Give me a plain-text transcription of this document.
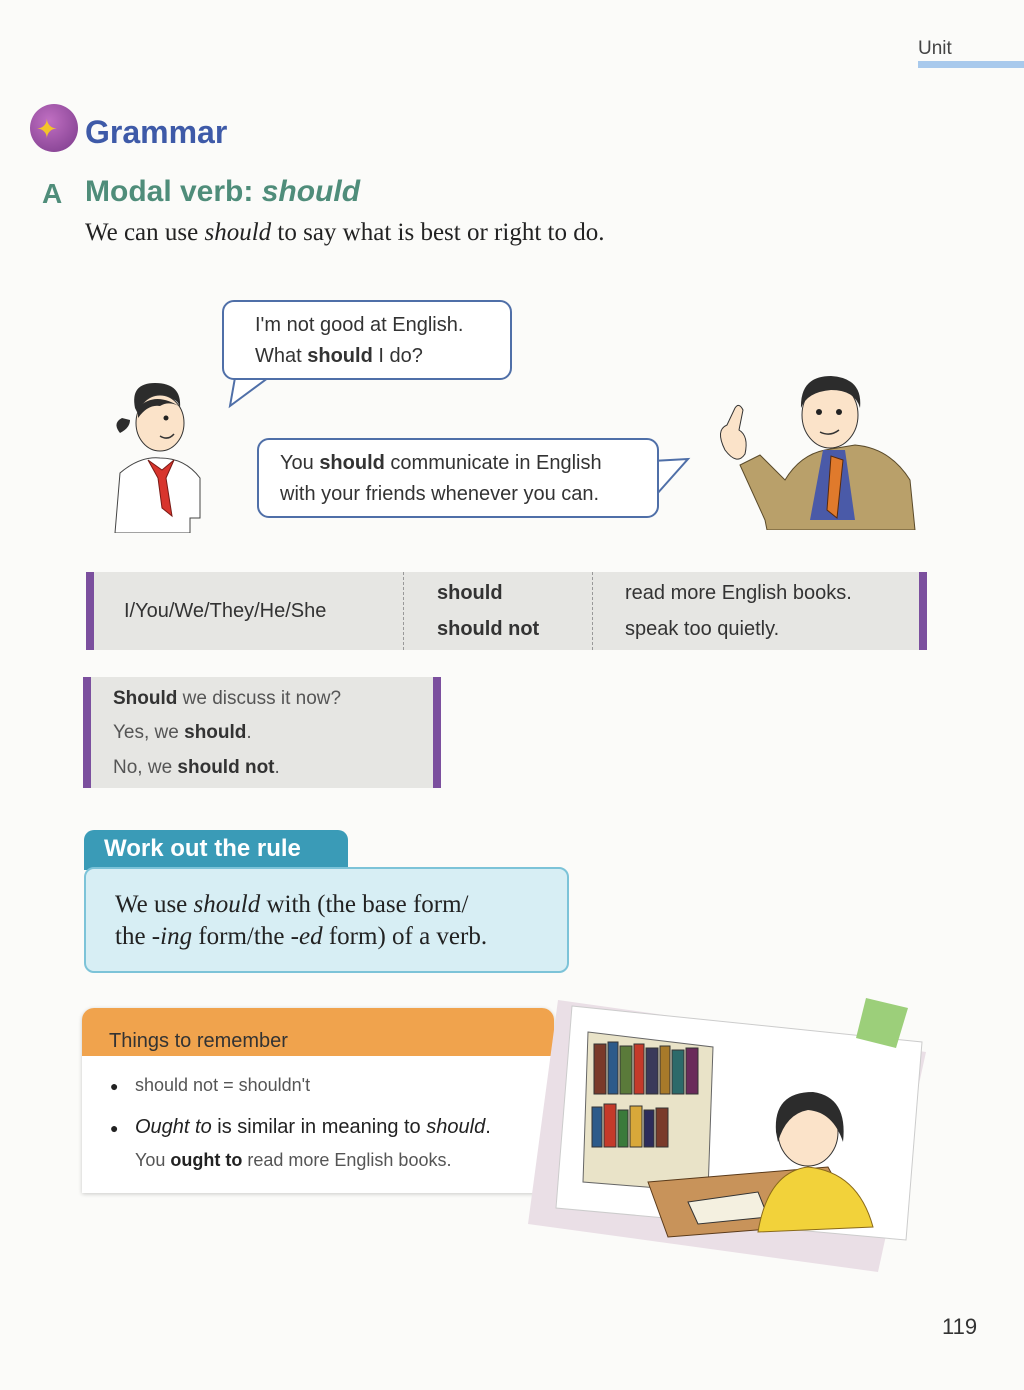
Unit
✦ Grammar
A Modal verb: should
We can use should to say what is best or right to do.
I'm not good at English.
What should I do?
You should communicate in English
with your friends whenever you can.
I/You/We/They/He/She
should
should not
read more English books.
speak too quietly.
Should we discuss it now?
Yes, we should.
No, we should not.
Work out the rule
We use should with (the base form/
the -ing form/the -ed form) of a verb.
Things to remember
● should not = shouldn't
● Ought to is similar in meaning to should.
You ought to read more English books.
119
